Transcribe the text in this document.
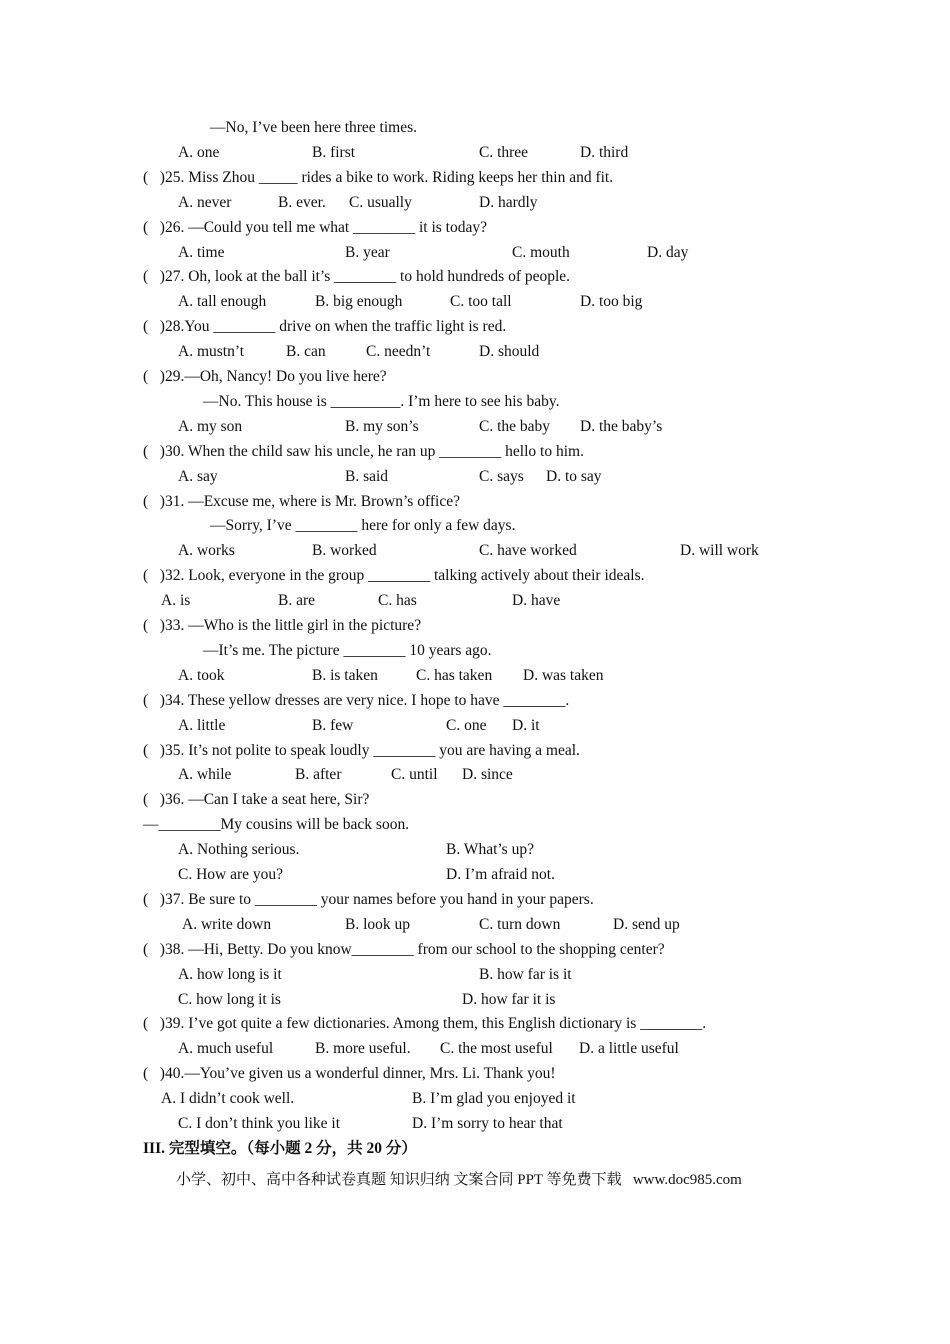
—No, I’ve been here three times.
A. one	B. first	C. three	D. third
(   )25. Miss Zhou _____ rides a bike to work. Riding keeps her thin and fit.
A. never	B. ever. C. usually	D. hardly
(   )26. —Could you tell me what ________ it is today?
A. time	B. year	C. mouth	D. day
(   )27. Oh, look at the ball it’s ________ to hold hundreds of people.
A. tall enough	B. big enough	C. too tall	D. too big
(   )28.You ________ drive on when the traffic light is red.
A. mustn’t	B. can	C. needn’t	D. should
(   )29.—Oh, Nancy! Do you live here?
—No. This house is _________. I’m here to see his baby.
A. my son	B. my son’s	C. the baby D. the baby’s
(   )30. When the child saw his uncle, he ran up ________ hello to him.
A. say	B. said	C. says D. to say
(   )31. —Excuse me, where is Mr. Brown’s office?
—Sorry, I’ve ________ here for only a few days.
A. works	B. worked	C. have worked	D. will work
(   )32. Look, everyone in the group ________ talking actively about their ideals.
A. is	B. are	C. has	D. have
(   )33. —Who is the little girl in the picture?
—It’s me. The picture ________ 10 years ago.
A. took	B. is taken C. has taken D. was taken
(   )34. These yellow dresses are very nice. I hope to have ________.
A. little	B. few	C. one D. it
(   )35. It’s not polite to speak loudly ________ you are having a meal.
A. while	B. after	C. until D. since
(   )36. —Can I take a seat here, Sir?
—________My cousins will be back soon.
A. Nothing serious.	B. What’s up?
C. How are you?	D. I’m afraid not.
(   )37. Be sure to ________ your names before you hand in your papers.
A. write down	B. look up	C. turn down	D. send up
(   )38. —Hi, Betty. Do you know________ from our school to the shopping center?
A. how long is it	B. how far is it
C. how long it is	D. how far it is
(   )39. I’ve got quite a few dictionaries. Among them, this English dictionary is ________.
A. much useful	B. more useful. C. the most useful D. a little useful
(   )40.—You’ve given us a wonderful dinner, Mrs. Li. Thank you!
A. I didn’t cook well.	B. I’m glad you enjoyed it
C. I don’t think you like it	D. I’m sorry to hear that
III. 完型填空。（每小题 2 分，共 20 分）
小学、初中、高中各种试卷真题 知识归纳 文案合同 PPT 等免费下载   www.doc985.com
